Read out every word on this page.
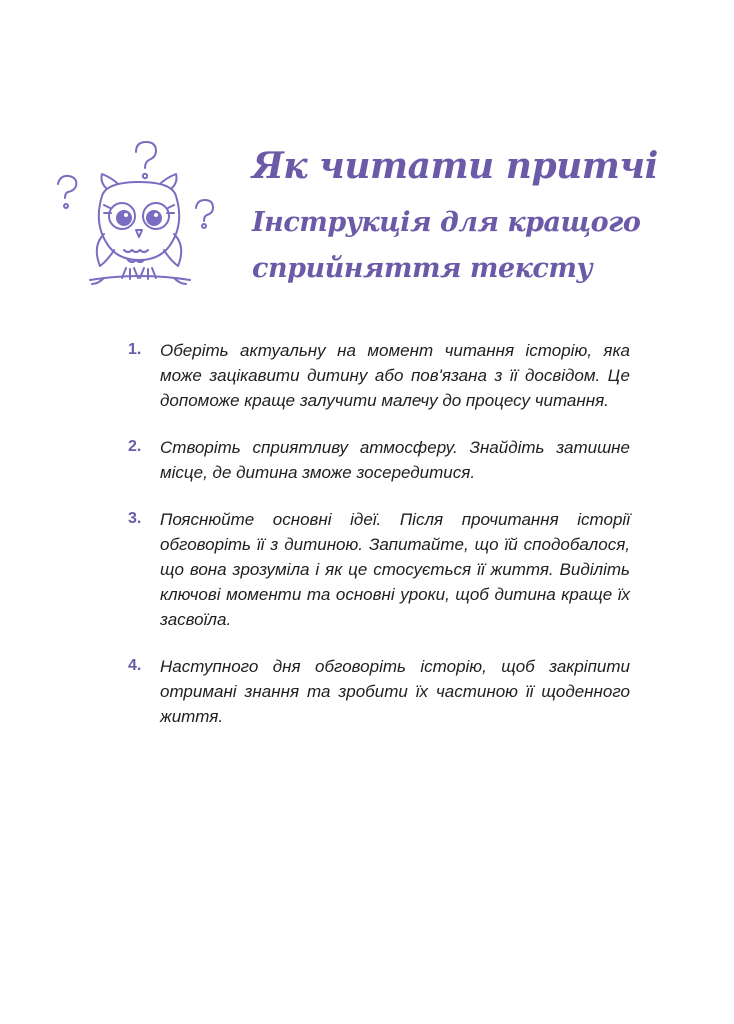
Як читати притчі
Інструкція для кращого сприйняття тексту
1.	Оберіть актуальну на момент читання історію, яка може зацікавити дитину або пов'язана з її досвідом. Це допоможе краще залучити малечу до процесу читання.

2.	Створіть сприятливу атмосферу. Знайдіть затишне місце, де дитина зможе зосередитися.

3.	Пояснюйте основні ідеї. Після прочитання історії обговоріть її з дитиною. Запитайте, що їй сподобалося, що вона зрозуміла і як це стосується її життя. Виділіть ключові моменти та основні уроки, щоб дитина краще їх засвоїла.

4.	Наступного дня обговоріть історію, щоб закріпити отримані знання та зробити їх частиною її щоденного життя.
